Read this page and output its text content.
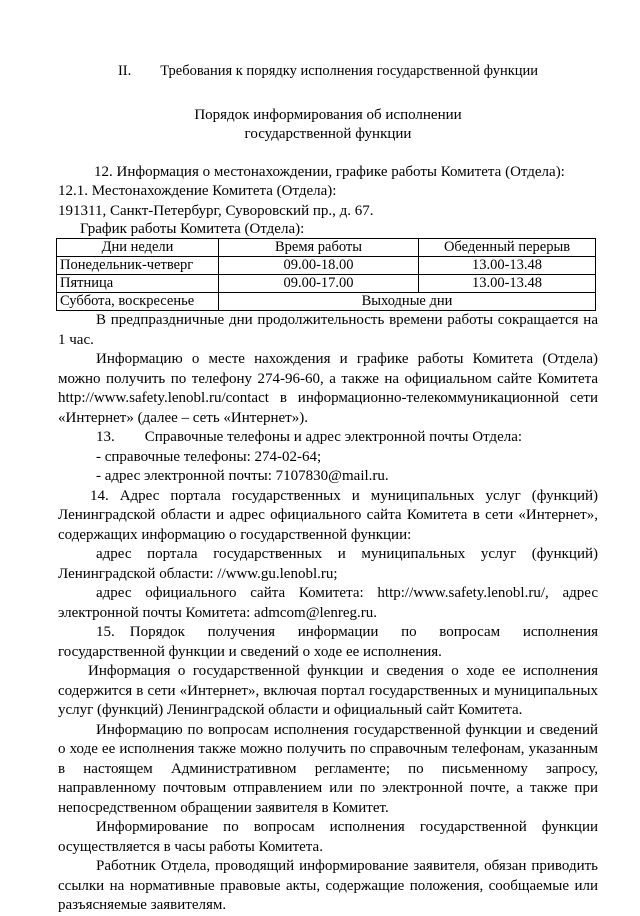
II.  Требования к порядку исполнения государственной функции

Порядок информирования об исполнении

государственной функции

12. Информация о местонахождении, графике работы Комитета (Отдела):

12.1. Местонахождение Комитета (Отдела):

191311, Санкт-Петербург, Суворовский пр., д. 67.

График работы Комитета (Отдела):

Дни недели	Время работы	Обеденный перерыв
Понедельник-четверг	09.00-18.00	13.00-13.48
Пятница	09.00-17.00	13.00-13.48
Суббота, воскресенье	Выходные дни	

В предпраздничные дни продолжительность времени работы сокращается на 1 час.

Информацию о месте нахождения и графике работы Комитета (Отдела) можно получить по телефону 274-96-60, а также на официальном сайте Комитета http://www.safety.lenobl.ru/contact в информационно-телекоммуникационной сети «Интернет» (далее – сеть «Интернет»).

13.  Справочные телефоны и адрес электронной почты Отдела:

- справочные телефоны: 274-02-64;

- адрес электронной почты: 7107830@mail.ru.

14. Адрес портала государственных и муниципальных услуг (функций) Ленинградской области и адрес официального сайта Комитета в сети «Интернет», содержащих информацию о государственной функции:

адрес портала государственных и муниципальных услуг (функций) Ленинградской области: //www.gu.lenobl.ru;

адрес официального сайта Комитета: http://www.safety.lenobl.ru/, адрес электронной почты Комитета: admcom@lenreg.ru.

15. Порядок получения информации по вопросам исполнения государственной функции и сведений о ходе ее исполнения.

Информация о государственной функции и сведения о ходе ее исполнения содержится в сети «Интернет», включая портал государственных и муниципальных услуг (функций) Ленинградской области и официальный сайт Комитета.

Информацию по вопросам исполнения государственной функции и сведений о ходе ее исполнения также можно получить по справочным телефонам, указанным в настоящем Административном регламенте; по письменному запросу, направленному почтовым отправлением или по электронной почте, а также при непосредственном обращении заявителя в Комитет.

Информирование по вопросам исполнения государственной функции осуществляется в часы работы Комитета.

Работник Отдела, проводящий информирование заявителя, обязан приводить ссылки на нормативные правовые акты, содержащие положения, сообщаемые или разъясняемые заявителям.
